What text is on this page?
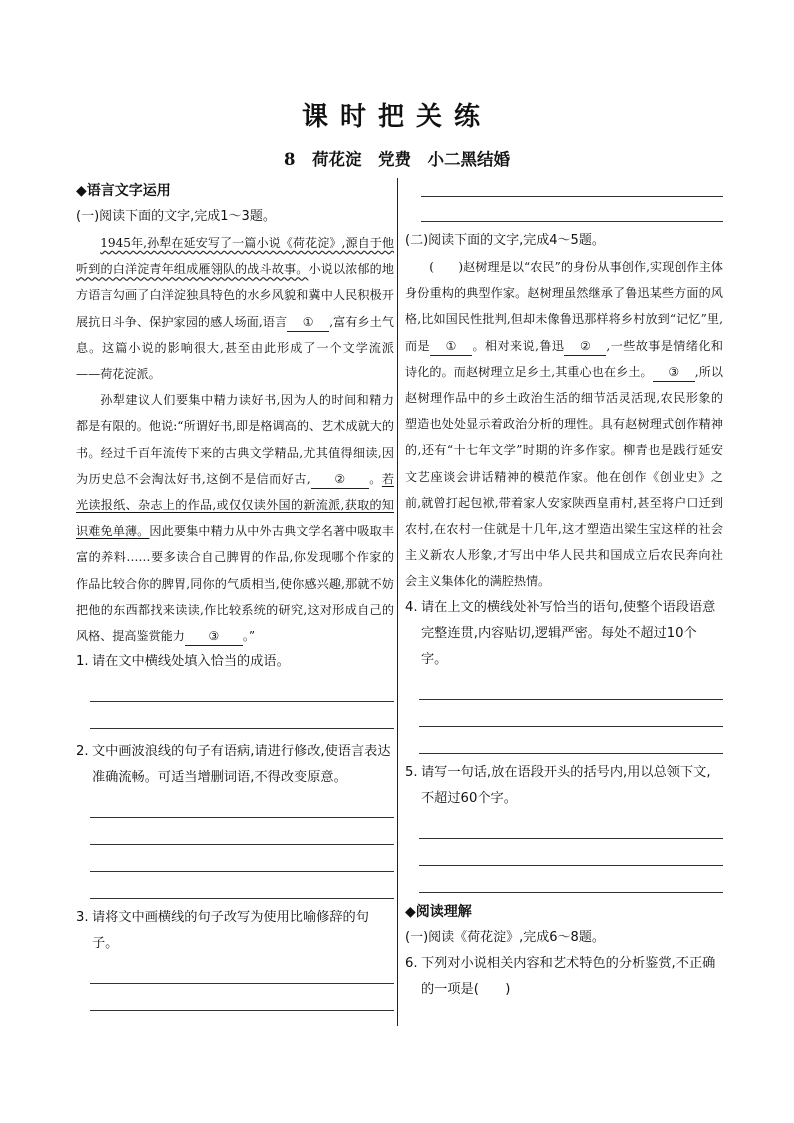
课时把关练
8　荷花淀　党费　小二黑结婚
◆语言文字运用
(一)阅读下面的文字,完成1～3题。

1945年,孙犁在延安写了一篇小说《荷花淀》,源自于他听到的白洋淀青年组成雁翎队的战斗故事。小说以浓郁的地方语言勾画了白洋淀独具特色的水乡风貌和冀中人民积极开展抗日斗争、保护家园的感人场面,语言 ① ,富有乡土气息。这篇小说的影响很大,甚至由此形成了一个文学流派——荷花淀派。

孙犁建议人们要集中精力读好书,因为人的时间和精力都是有限的。他说:“所谓好书,即是格调高的、艺术成就大的书。经过千百年流传下来的古典文学精品,尤其值得细读,因为历史总不会淘汰好书,这倒不是信而好古, ② 。若光读报纸、杂志上的作品,或仅仅读外国的新流派,获取的知识难免单薄。因此要集中精力从中外古典文学名著中吸取丰富的养料……要多读合自己脾胃的作品,你发现哪个作家的作品比较合你的脾胃,同你的气质相当,使你感兴趣,那就不妨把他的东西都找来读读,作比较系统的研究,这对形成自己的风格、提高鉴赏能力 ③ 。”

1. 请在文中横线处填入恰当的成语。

2. 文中画波浪线的句子有语病,请进行修改,使语言表达准确流畅。可适当增删词语,不得改变原意。

3. 请将文中画横线的句子改写为使用比喻修辞的句子。

(二)阅读下面的文字,完成4～5题。

(　　)赵树理是以“农民”的身份从事创作,实现创作主体身份重构的典型作家。赵树理虽然继承了鲁迅某些方面的风格,比如国民性批判,但却未像鲁迅那样将乡村放到“记忆”里,而是 ① 。相对来说,鲁迅 ② ,一些故事是情绪化和诗化的。而赵树理立足乡土,其重心也在乡土。 ③ ,所以赵树理作品中的乡土政治生活的细节活灵活现,农民形象的塑造也处处显示着政治分析的理性。具有赵树理式创作精神的,还有“十七年文学”时期的许多作家。柳青也是践行延安文艺座谈会讲话精神的模范作家。他在创作《创业史》之前,就曾打起包袱,带着家人安家陕西皇甫村,甚至将户口迁到农村,在农村一住就是十几年,这才塑造出梁生宝这样的社会主义新农人形象,才写出中华人民共和国成立后农民奔向社会主义集体化的满腔热情。

4. 请在上文的横线处补写恰当的语句,使整个语段语意完整连贯,内容贴切,逻辑严密。每处不超过10个字。

5. 请写一句话,放在语段开头的括号内,用以总领下文,不超过60个字。

◆阅读理解
(一)阅读《荷花淀》,完成6～8题。

6. 下列对小说相关内容和艺术特色的分析鉴赏,不正确的一项是(　　)
